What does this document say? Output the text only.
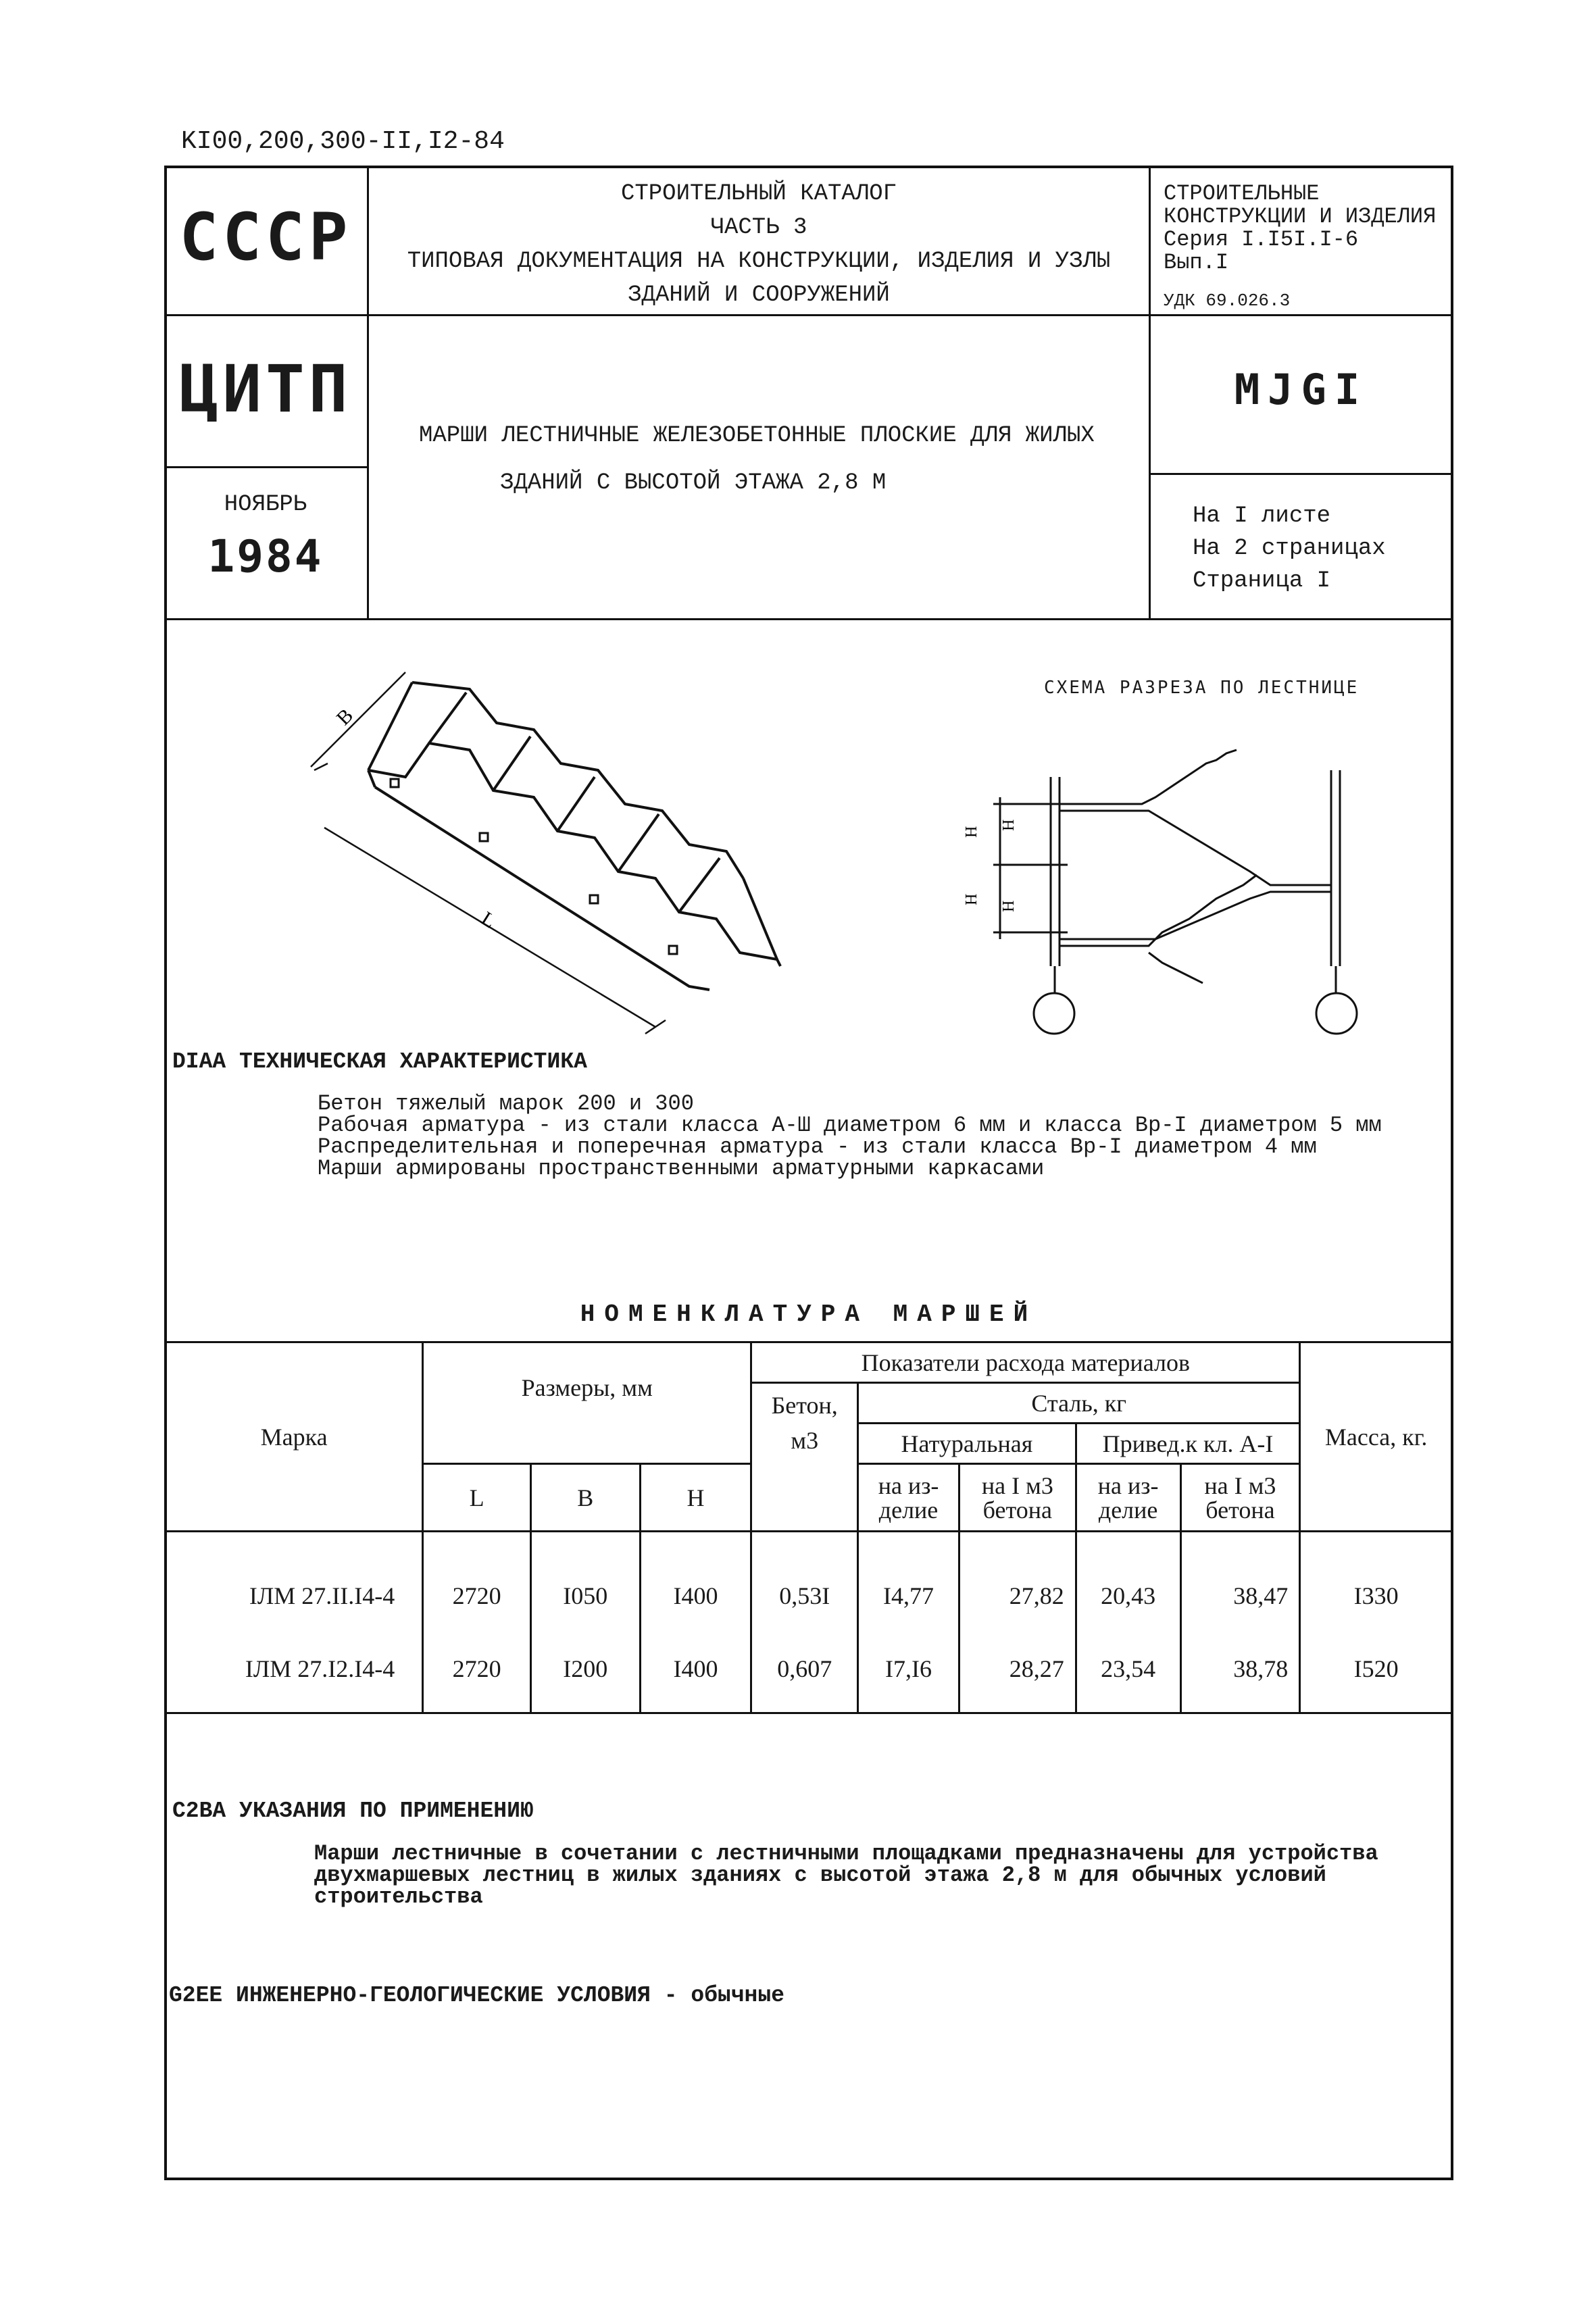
KI00,200,300-II,I2-84
СССР
ЦИТП
НОЯБРЬ
1984
СТРОИТЕЛЬНЫЙ КАТАЛОГ
ЧАСТЬ 3
ТИПОВАЯ ДОКУМЕНТАЦИЯ НА КОНСТРУКЦИИ, ИЗДЕЛИЯ И УЗЛЫ
ЗДАНИЙ И СООРУЖЕНИЙ
СТРОИТЕЛЬНЫЕ
КОНСТРУКЦИИ И ИЗДЕЛИЯ
Серия I.I5I.I-6
Вып.I
УДК 69.026.3
МАРШИ ЛЕСТНИЧНЫЕ ЖЕЛЕЗОБЕТОННЫЕ ПЛОСКИЕ ДЛЯ ЖИЛЫХ
ЗДАНИЙ С ВЫСОТОЙ ЭТАЖА 2,8 М
MJGI
На I листе
На 2 страницах
Страница I
B
L
СХЕМА РАЗРЕЗА ПО ЛЕСТНИЦЕ
H
H
H
H
DIAA ТЕХНИЧЕСКАЯ ХАРАКТЕРИСТИКА
Бетон тяжелый марок 200 и 300
Рабочая арматура - из стали класса А-Ш диаметром 6 мм и класса Вр-I диаметром 5 мм
Распределительная и поперечная арматура - из стали класса Вр-I диаметром 4 мм
Марши армированы пространственными арматурными каркасами
НОМЕНКЛАТУРА МАРШЕЙ
Марка	Размеры, мм			Показатели расхода материалов					Масса, кг.
				Бетон, м3	Сталь, кг				
					Натуральная		Привед.к кл. А-I		
	L	B	H		на из-делие	на I м3 бетона	на из-делие	на I м3 бетона	
IЛМ 27.II.I4-4	2720	I050	I400	0,53I	I4,77	27,82	20,43	38,47	I330
IЛМ 27.I2.I4-4	2720	I200	I400	0,607	I7,I6	28,27	23,54	38,78	I520
C2BA УКАЗАНИЯ ПО ПРИМЕНЕНИЮ
Марши лестничные в сочетании с лестничными площадками предназначены для устройства
двухмаршевых лестниц в жилых зданиях с высотой этажа 2,8 м для обычных условий
строительства
G2EE ИНЖЕНЕРНО-ГЕОЛОГИЧЕСКИЕ УСЛОВИЯ - обычные
